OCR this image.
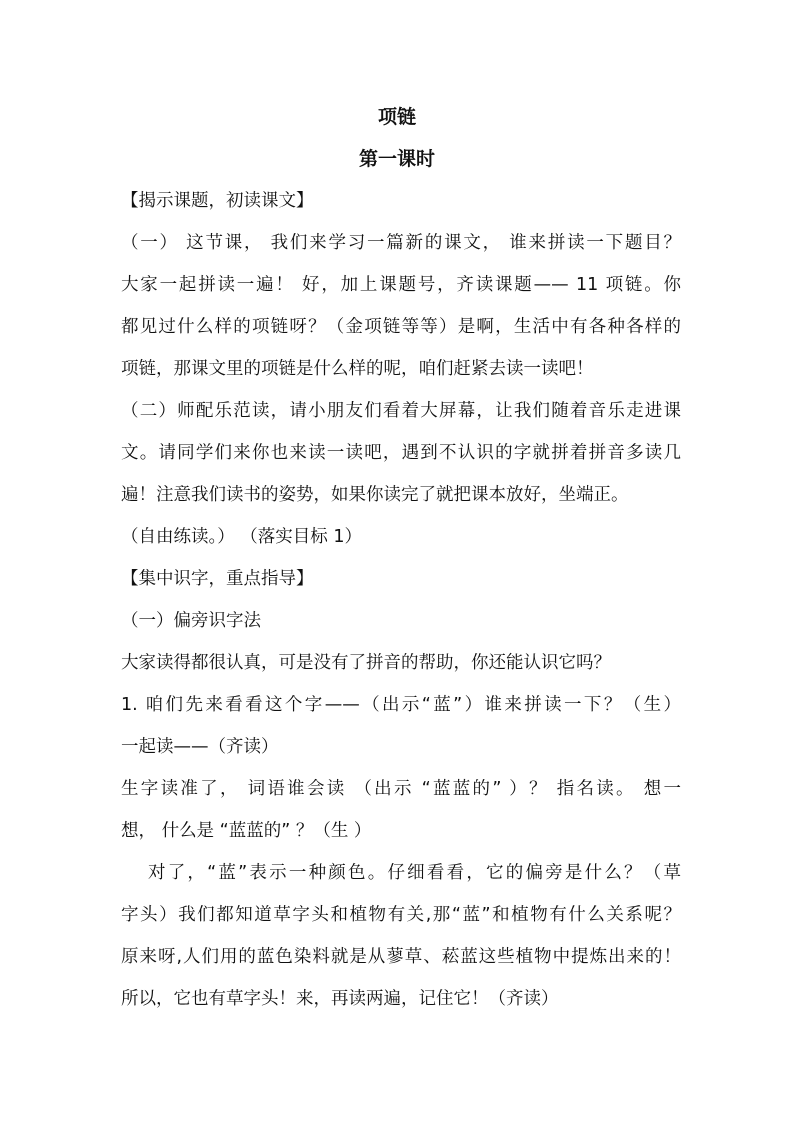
项链
第一课时
【揭示课题，初读课文】
（一） 这节课， 我们来学习一篇新的课文， 谁来拼读一下题目？
大家一起拼读一遍！ 好，加上课题号，齐读课题—— 11 项链。你
都见过什么样的项链呀？（金项链等等）是啊，生活中有各种各样的
项链，那课文里的项链是什么样的呢，咱们赶紧去读一读吧！
（二）师配乐范读，请小朋友们看着大屏幕，让我们随着音乐走进课
文。请同学们来你也来读一读吧，遇到不认识的字就拼着拼音多读几
遍！注意我们读书的姿势，如果你读完了就把课本放好，坐端正。
（自由练读。） （落实目标 1）
【集中识字，重点指导】
（一）偏旁识字法
大家读得都很认真，可是没有了拼音的帮助，你还能认识它吗？
1. 咱们先来看看这个字——（出示“蓝”）谁来拼读一下？（生）
一起读——（齐读）
生字读准了， 词语谁会读 （出示 “蓝蓝的” ）？ 指名读。 想一
想， 什么是 “蓝蓝的” ？（生 ）
对了，“蓝”表示一种颜色。仔细看看，它的偏旁是什么？（草
字头）我们都知道草字头和植物有关,那“蓝”和植物有什么关系呢？
原来呀,人们用的蓝色染料就是从蓼草、菘蓝这些植物中提炼出来的！
所以，它也有草字头！来，再读两遍，记住它！（齐读）
